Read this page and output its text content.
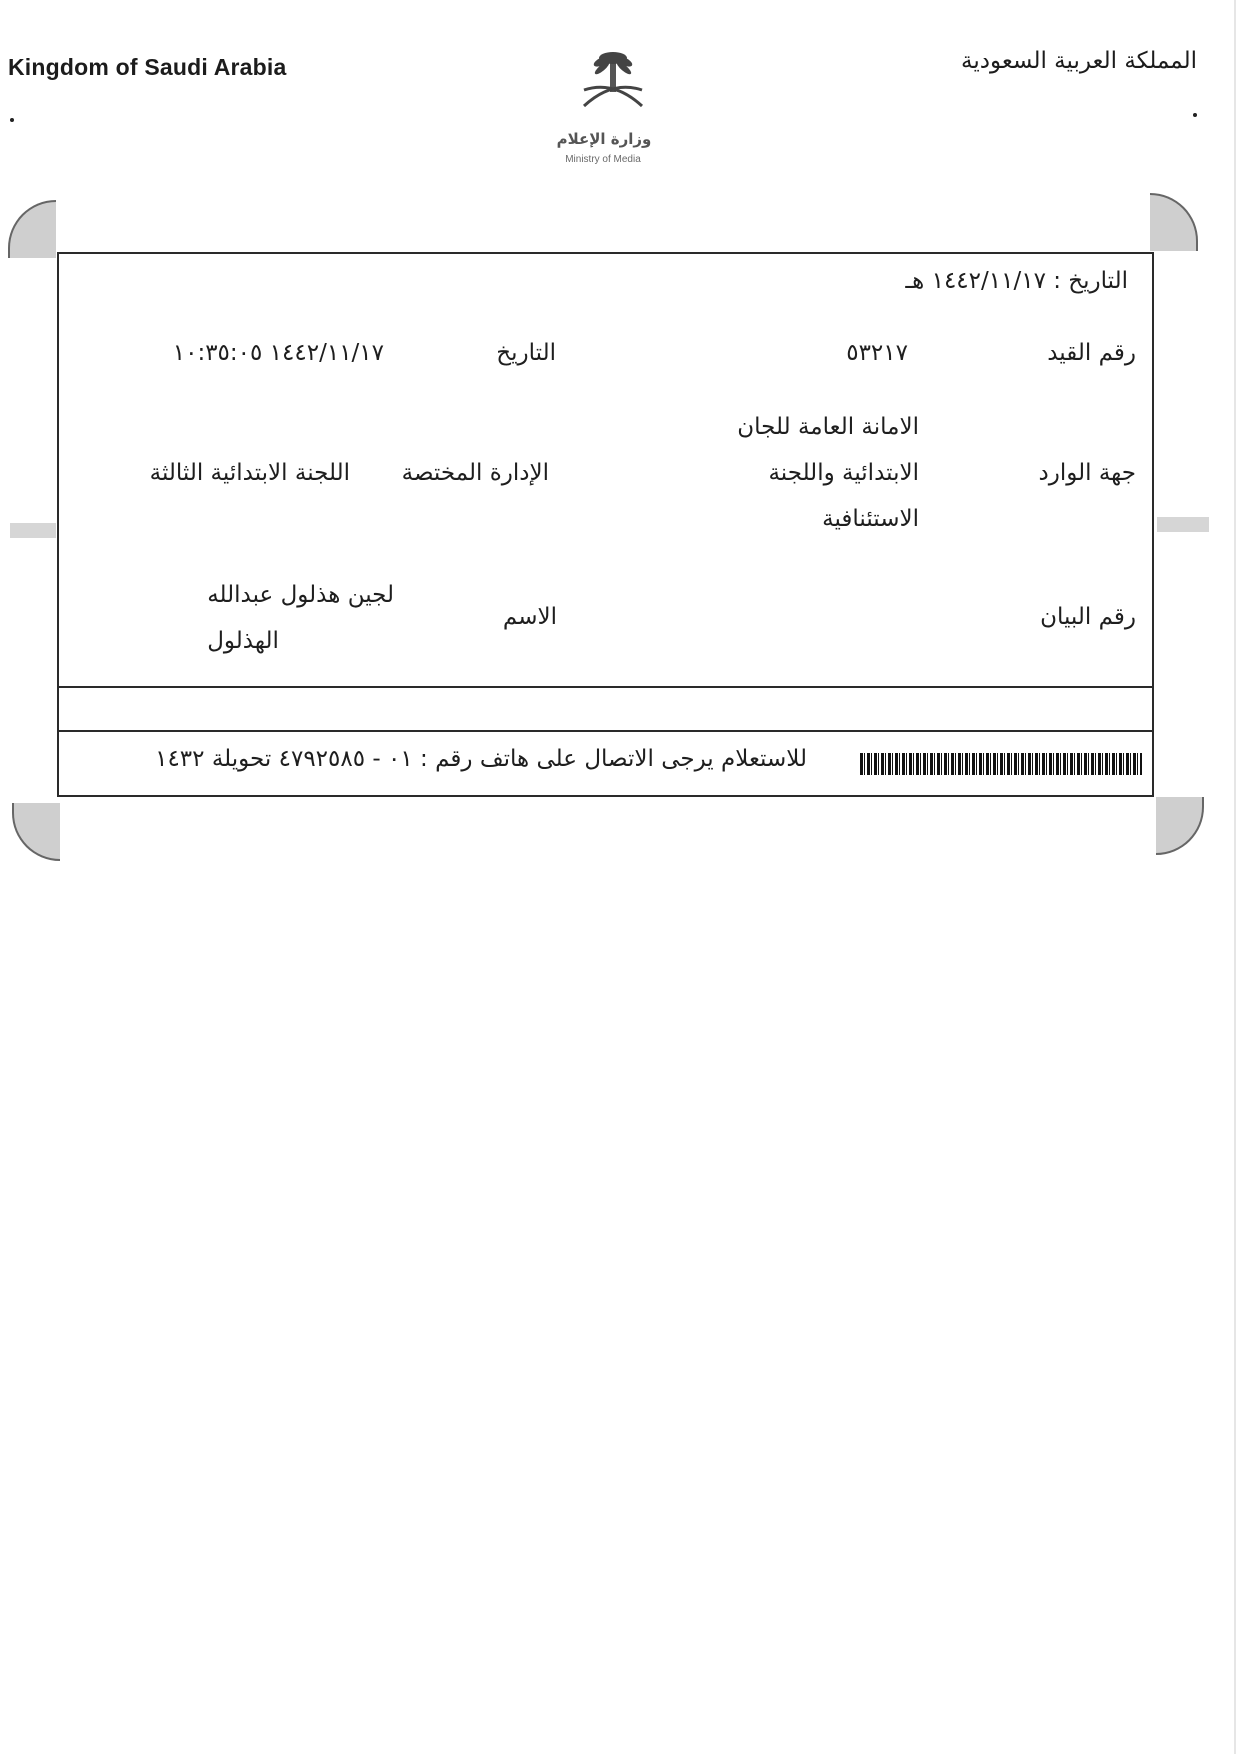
Kingdom of Saudi Arabia	المملكة العربية السعودية
وزارة الإعلام
Ministry of Media
التاريخ : ١٤٤٢/١١/١٧ هـ
رقم القيد
٥٣٢١٧
التاريخ
١٤٤٢/١١/١٧ ١٠:٣٥:٠٥
جهة الوارد
الامانة العامة للجان
الابتدائية واللجنة
الاستئنافية
الإدارة المختصة
اللجنة الابتدائية الثالثة
رقم البيان
الاسم
لجين هذلول عبدالله
الهذلول
للاستعلام يرجى الاتصال على هاتف رقم : ٠١ - ٤٧٩٢٥٨٥ تحويلة ١٤٣٢
